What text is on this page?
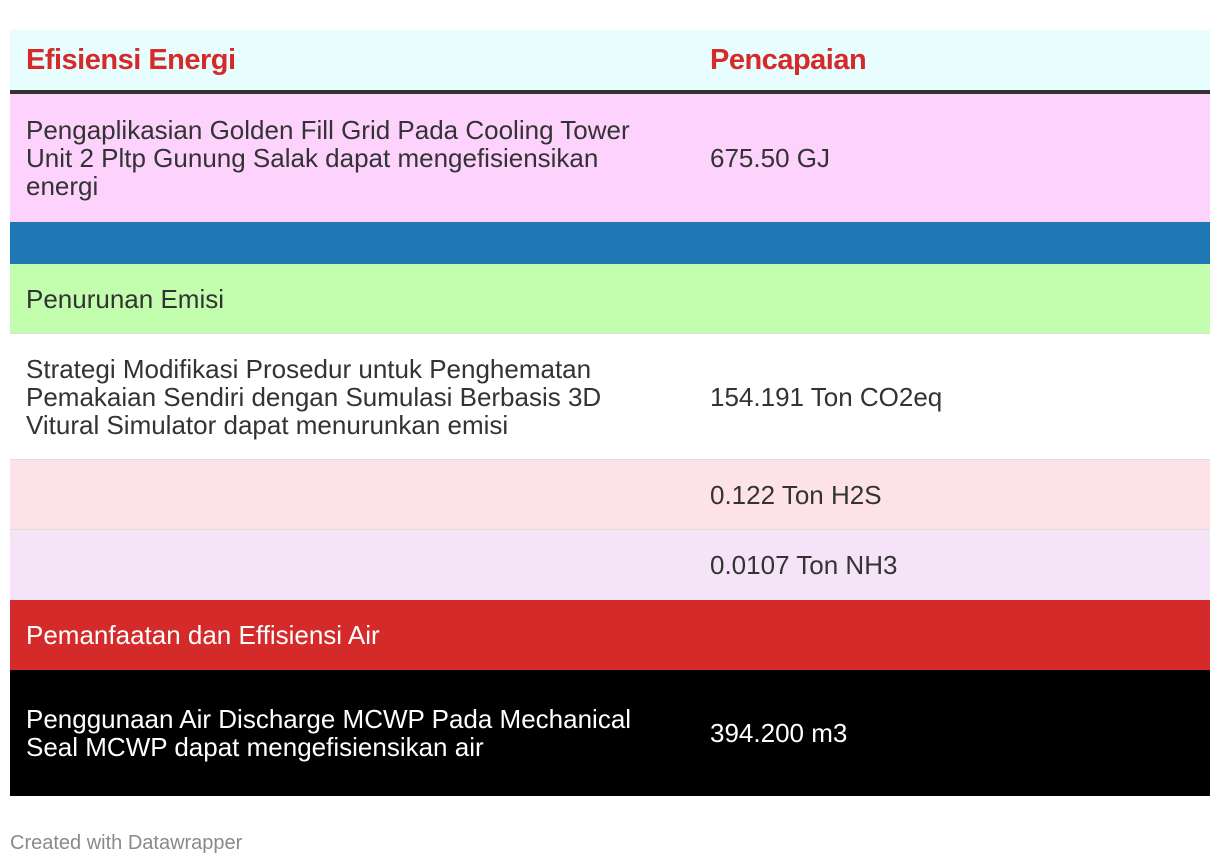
Efisiensi Energi	Pencapaian
Pengaplikasian Golden Fill Grid Pada Cooling Tower Unit 2 Pltp Gunung Salak dapat mengefisiensikan energi
675.50 GJ
Penurunan Emisi
Strategi Modifikasi Prosedur untuk Penghematan Pemakaian Sendiri dengan Sumulasi Berbasis 3D Vitural Simulator dapat menurunkan emisi
154.191 Ton CO2eq
0.122 Ton H2S
0.0107 Ton NH3
Pemanfaatan dan Effisiensi Air
Penggunaan Air Discharge MCWP Pada Mechanical Seal MCWP dapat mengefisiensikan air	394.200 m3
Created with Datawrapper
